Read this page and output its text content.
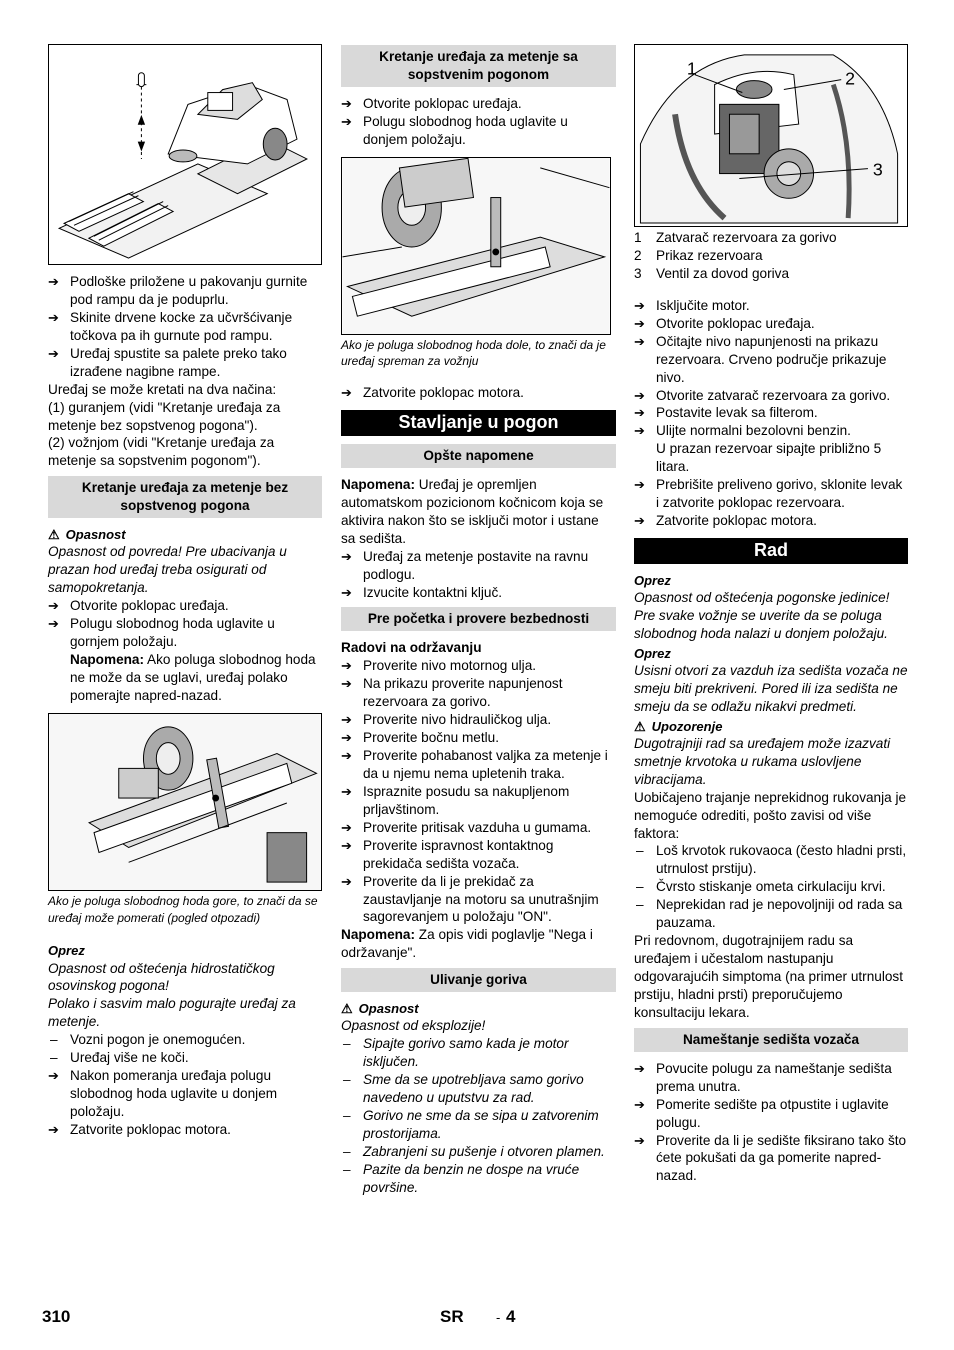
➔ Podloške priložene u pakovanju gurnite pod rampu da je poduprlu.

➔ Skinite drvene kocke za učvršćivanje točkova pa ih gurnute pod rampu.

➔ Uređaj spustite sa palete preko tako izrađene nagibne rampe.

Uređaj se može kretati na dva načina:

(1) guranjem (vidi "Kretanje uređaja za metenje bez sopstvenog pogona").

(2) vožnjom (vidi "Kretanje uređaja za metenje sa sopstvenim pogonom").

Kretanje uređaja za metenje bez sopstvenog pogona
⚠ Opasnost

Opasnost od povreda! Pre ubacivanja u prazan hod uređaj treba osigurati od samopokretanja.

➔ Otvorite poklopac uređaja.

➔ Polugu slobodnog hoda uglavite u gornjem položaju.

Napomena: Ako poluga slobodnog hoda ne može da se uglavi, uređaj polako pomerajte napred-nazad.

Ako je poluga slobodnog hoda gore, to znači da se uređaj može pomerati (pogled otpozadi)

Oprez

Opasnost od oštećenja hidrostatičkog osovinskog pogona!

Polako i sasvim malo pogurajte uređaj za metenje.

– Vozni pogon je onemogućen.

– Uređaj više ne koči.

➔ Nakon pomeranja uređaja polugu slobodnog hoda uglavite u donjem položaju.

➔ Zatvorite poklopac motora.

Kretanje uređaja za metenje sa sopstvenim pogonom

➔ Otvorite poklopac uređaja.

➔ Polugu slobodnog hoda uglavite u donjem položaju.

Ako je poluga slobodnog hoda dole, to znači da je uređaj spreman za vožnju

➔ Zatvorite poklopac motora.

Stavljanje u pogon
Opšte napomene

Napomena: Uređaj je opremljen automatskom pozicionom kočnicom koja se aktivira nakon što se isključi motor i ustane sa sedišta.

➔ Uređaj za metenje postavite na ravnu podlogu.

➔ Izvucite kontaktni ključ.

Pre početka i provere bezbednosti

Radovi na održavanju

➔ Proverite nivo motornog ulja.

➔ Na prikazu proverite napunjenost rezervoara za gorivo.

➔ Proverite nivo hidrauličkog ulja.

➔ Proverite bočnu metlu.

➔ Proverite pohabanost valjka za metenje i da u njemu nema upletenih traka.

➔ Ispraznite posudu sa nakupljenom prljavštinom.

➔ Proverite pritisak vazduha u gumama.

➔ Proverite ispravnost kontaktnog prekidača sedišta vozača.

➔ Proverite da li je prekidač za zaustavljanje na motoru sa unutrašnjim sagorevanjem u položaju "ON".

Napomena: Za opis vidi poglavlje "Nega i održavanje".

Ulivanje goriva
⚠ Opasnost

Opasnost od eksplozije!

– Sipajte gorivo samo kada je motor isključen.

– Sme da se upotrebljava samo gorivo navedeno u uputstvu za rad.

– Gorivo ne sme da se sipa u zatvorenim prostorijama.

– Zabranjeni su pušenje i otvoren plamen.

– Pazite da benzin ne dospe na vruće površine.

1	2
3

1 Zatvarač rezervoara za gorivo

2 Prikaz rezervoara

3 Ventil za dovod goriva

➔ Isključite motor.

➔ Otvorite poklopac uređaja.

➔ Očitajte nivo napunjenosti na prikazu rezervoara. Crveno područje prikazuje nivo.

➔ Otvorite zatvarač rezervoara za gorivo.

➔ Postavite levak sa filterom.

➔ Ulijte normalni bezolovni benzin.

U prazan rezervoar sipajte približno 5 litara.

➔ Prebrišite preliveno gorivo, sklonite levak i zatvorite poklopac rezervoara.

➔ Zatvorite poklopac motora.

Rad
Oprez

Opasnost od oštećenja pogonske jedinice! Pre svake vožnje se uverite da se poluga slobodnog hoda nalazi u donjem položaju.

Oprez

Usisni otvori za vazduh iza sedišta vozača ne smeju biti prekriveni. Pored ili iza sedišta ne smeju da se odlažu nikakvi predmeti.

⚠ Upozorenje

Dugotrajniji rad sa uređajem može izazvati smetnje krvotoka u rukama uslovljene vibracijama.

Uobičajeno trajanje neprekidnog rukovanja je nemoguće odrediti, pošto zavisi od više faktora:

– Loš krvotok rukovaoca (često hladni prsti, utrnulost prstiju).

– Čvrsto stiskanje ometa cirkulaciju krvi.

– Neprekidan rad je nepovoljniji od rada sa pauzama.

Pri redovnom, dugotrajnijem radu sa uređajem i učestalom nastupanju odgovarajućih simptoma (na primer utrnulost prstiju, hladni prsti) preporučujemo konsultaciju lekara.

Nameštanje sedišta vozača

➔ Povucite polugu za nameštanje sedišta prema unutra.

➔ Pomerite sedište pa otpustite i uglavite polugu.

➔ Proverite da li je sedište fiksirano tako što ćete pokušati da ga pomerite napred-nazad.

310	SR - 4
